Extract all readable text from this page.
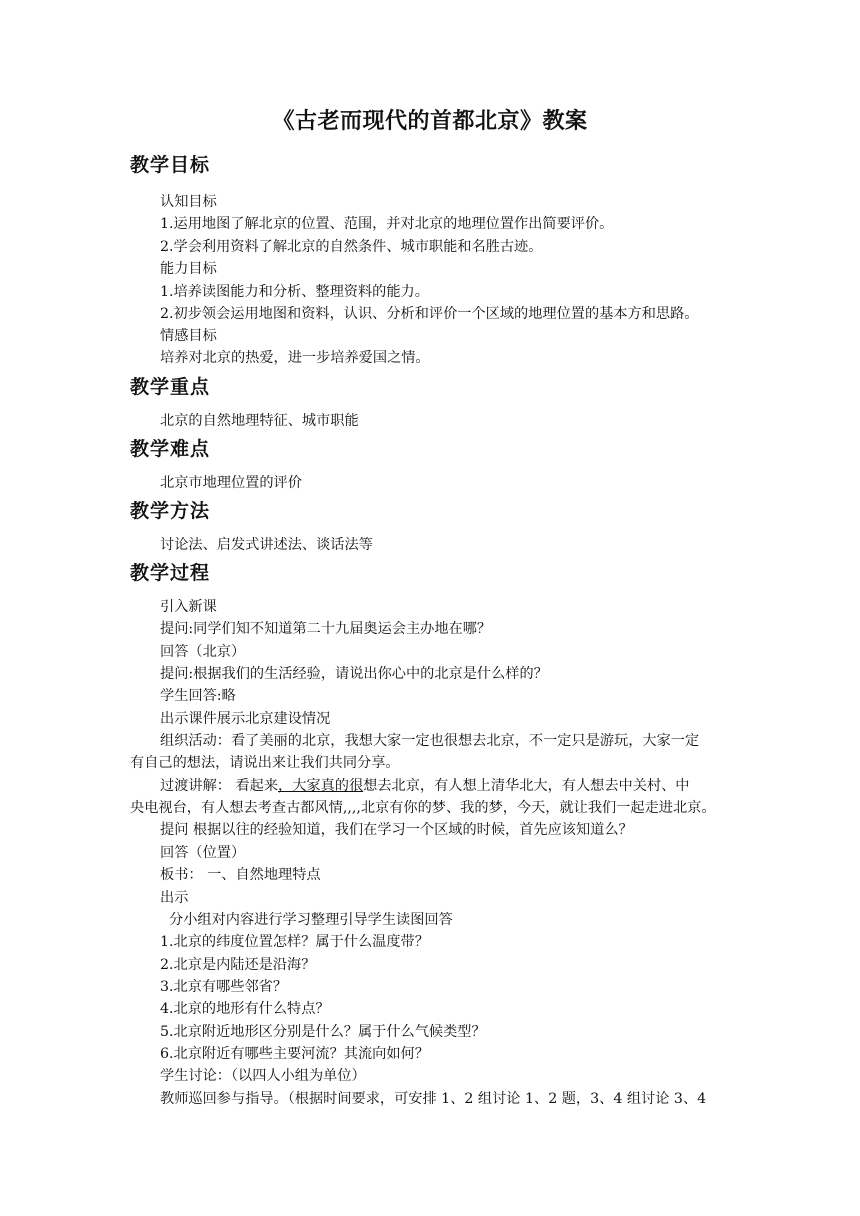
《古老而现代的首都北京》教案
教学目标
认知目标
1.运用地图了解北京的位置、范围，并对北京的地理位置作出简要评价。
2.学会利用资料了解北京的自然条件、城市职能和名胜古迹。
能力目标
1.培养读图能力和分析、整理资料的能力。
2.初步领会运用地图和资料，认识、分析和评价一个区域的地理位置的基本方和思路。
情感目标
培养对北京的热爱，进一步培养爱国之情。
教学重点
北京的自然地理特征、城市职能
教学难点
北京市地理位置的评价
教学方法
讨论法、启发式讲述法、谈话法等
教学过程
引入新课
提问:同学们知不知道第二十九届奥运会主办地在哪？
回答（北京）
提问:根据我们的生活经验，请说出你心中的北京是什么样的？
学生回答:略
出示课件展示北京建设情况
组织活动：看了美丽的北京，我想大家一定也很想去北京，不一定只是游玩，大家一定
有自己的想法，请说出来让我们共同分享。
过渡讲解： 看起来，大家真的很想去北京，有人想上清华北大，有人想去中关村、中
央电视台，有人想去考查古都风情,,,,北京有你的梦、我的梦，今天，就让我们一起走进北京。
提问 根据以往的经验知道，我们在学习一个区域的时候，首先应该知道么？
回答（位置）
板书： 一、自然地理特点
出示
分小组对内容进行学习整理引导学生读图回答
1.北京的纬度位置怎样？属于什么温度带？
2.北京是内陆还是沿海？
3.北京有哪些邻省？
4.北京的地形有什么特点？
5.北京附近地形区分别是什么？属于什么气候类型？
6.北京附近有哪些主要河流？其流向如何？
学生讨论：（以四人小组为单位）
教师巡回参与指导。（根据时间要求，可安排 1、2 组讨论 1、2 题，3、4 组讨论 3、4
